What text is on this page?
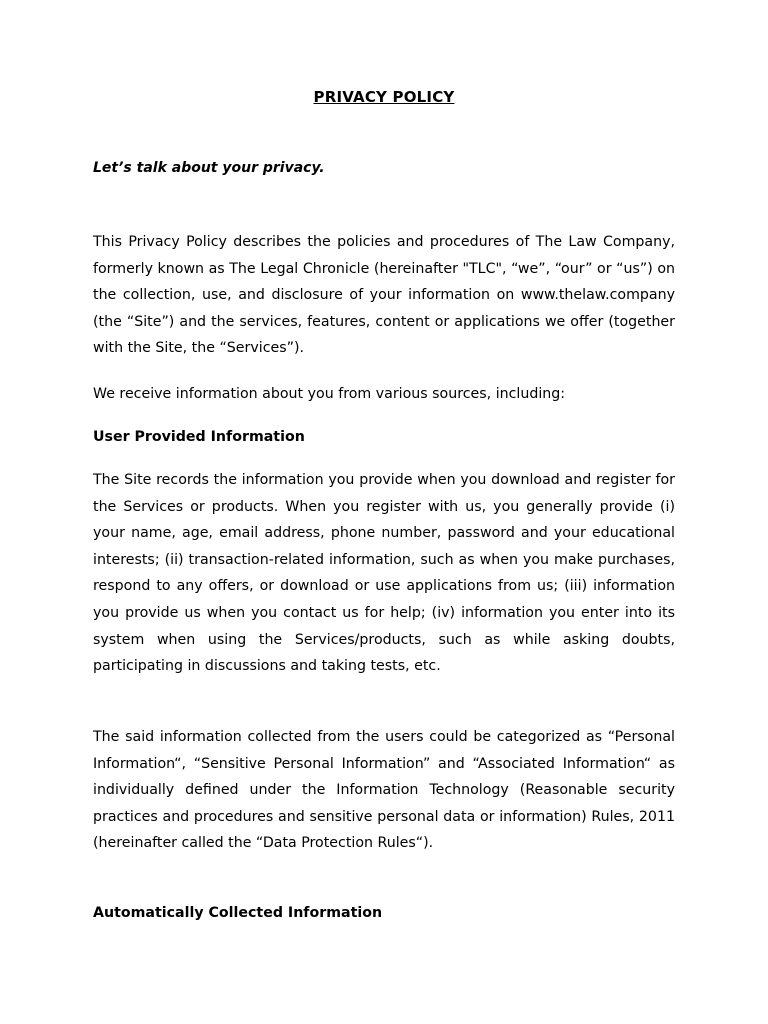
PRIVACY POLICY
Let’s talk about your privacy.

This Privacy Policy describes the policies and procedures of The Law Company, formerly known as The Legal Chronicle (hereinafter "TLC", “we”, “our” or “us”) on the collection, use, and disclosure of your information on www.thelaw.company (the “Site”) and the services, features, content or applications we offer (together with the Site, the “Services”).

We receive information about you from various sources, including:
User Provided Information

The Site records the information you provide when you download and register for the Services or products. When you register with us, you generally provide (i) your name, age, email address, phone number, password and your educational interests; (ii) transaction-related information, such as when you make purchases, respond to any offers, or download or use applications from us; (iii) information you provide us when you contact us for help; (iv) information you enter into its system when using the Services/products, such as while asking doubts, participating in discussions and taking tests, etc.

The said information collected from the users could be categorized as “Personal Information“, “Sensitive Personal Information” and “Associated Information“ as individually defined under the Information Technology (Reasonable security practices and procedures and sensitive personal data or information) Rules, 2011 (hereinafter called the “Data Protection Rules“).

Automatically Collected Information
